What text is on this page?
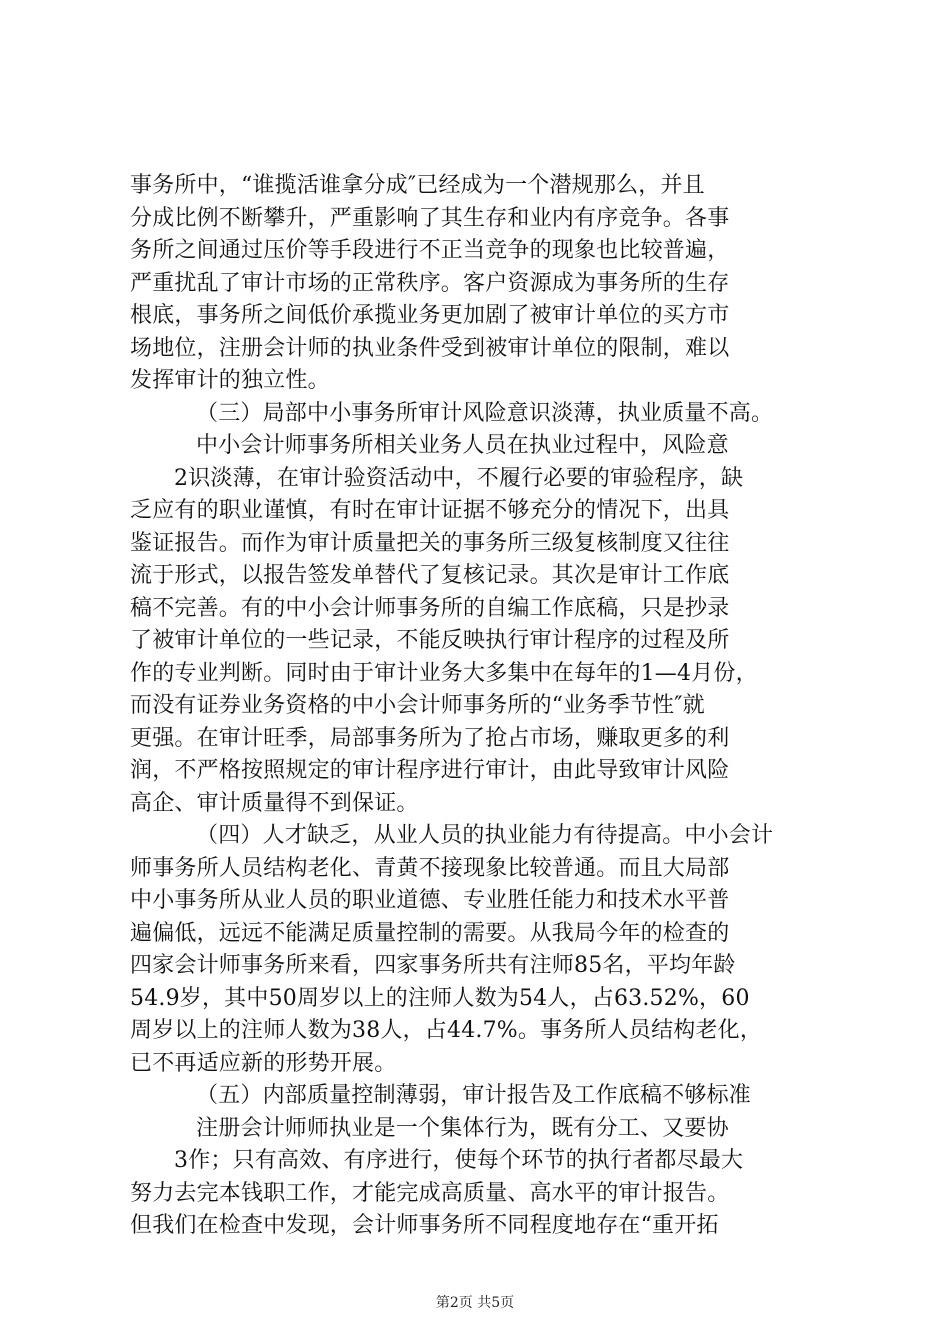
事务所中，“谁揽活谁拿分成″已经成为一个潜规那么，并且
分成比例不断攀升，严重影响了其生存和业内有序竞争。各事
务所之间通过压价等手段进行不正当竞争的现象也比较普遍，
严重扰乱了审计市场的正常秩序。客户资源成为事务所的生存
根底，事务所之间低价承揽业务更加剧了被审计单位的买方市
场地位，注册会计师的执业条件受到被审计单位的限制，难以
发挥审计的独立性。
（三）局部中小事务所审计风险意识淡薄，执业质量不高。
中小会计师事务所相关业务人员在执业过程中，风险意
2识淡薄，在审计验资活动中，不履行必要的审验程序，缺
乏应有的职业谨慎，有时在审计证据不够充分的情况下，出具
鉴证报告。而作为审计质量把关的事务所三级复核制度又往往
流于形式，以报告签发单替代了复核记录。其次是审计工作底
稿不完善。有的中小会计师事务所的自编工作底稿，只是抄录
了被审计单位的一些记录，不能反映执行审计程序的过程及所
作的专业判断。同时由于审计业务大多集中在每年的1—4月份，
而没有证券业务资格的中小会计师事务所的“业务季节性″就
更强。在审计旺季，局部事务所为了抢占市场，赚取更多的利
润，不严格按照规定的审计程序进行审计，由此导致审计风险
高企、审计质量得不到保证。
（四）人才缺乏，从业人员的执业能力有待提高。中小会计
师事务所人员结构老化、青黄不接现象比较普通。而且大局部
中小事务所从业人员的职业道德、专业胜任能力和技术水平普
遍偏低，远远不能满足质量控制的需要。从我局今年的检查的
四家会计师事务所来看，四家事务所共有注师85名，平均年龄
54.9岁，其中50周岁以上的注师人数为54人，占63.52%，60
周岁以上的注师人数为38人，占44.7%。事务所人员结构老化，
已不再适应新的形势开展。
（五）内部质量控制薄弱，审计报告及工作底稿不够标准
注册会计师师执业是一个集体行为，既有分工、又要协
3作；只有高效、有序进行，使每个环节的执行者都尽最大
努力去完本钱职工作，才能完成高质量、高水平的审计报告。
但我们在检查中发现，会计师事务所不同程度地存在“重开拓
第2页 共5页
